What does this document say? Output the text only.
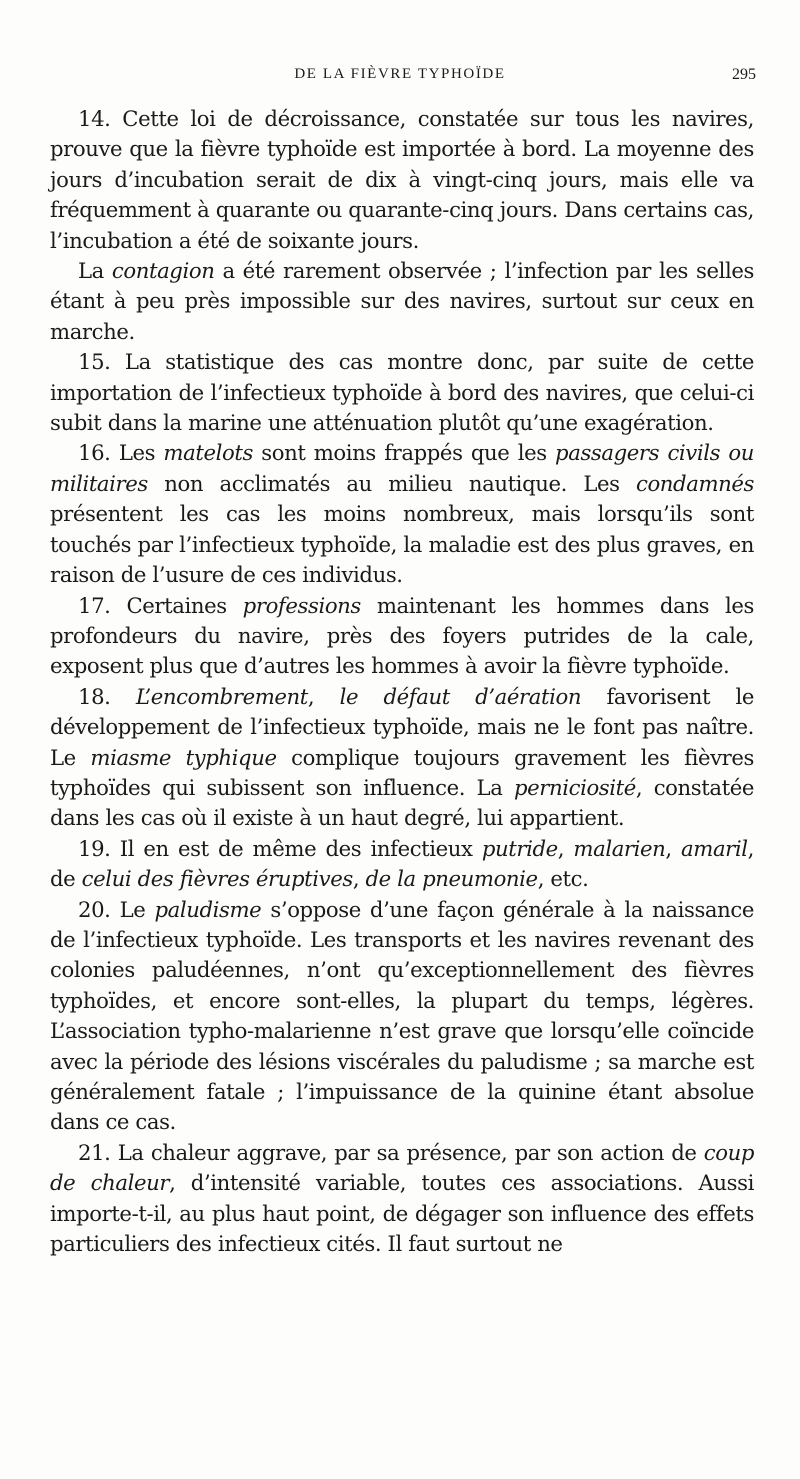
DE LA FIÈVRE TYPHOÏDE	295

14. Cette loi de décroissance, constatée sur tous les navires, prouve que la fièvre typhoïde est importée à bord. La moyenne des jours d’incubation serait de dix à vingt-cinq jours, mais elle va fréquemment à quarante ou quarante-cinq jours. Dans certains cas, l’incubation a été de soixante jours.

La contagion a été rarement observée ; l’infection par les selles étant à peu près impossible sur des navires, surtout sur ceux en marche.

15. La statistique des cas montre donc, par suite de cette importation de l’infectieux typhoïde à bord des navires, que celui-ci subit dans la marine une atténuation plutôt qu’une exagération.

16. Les matelots sont moins frappés que les passagers civils ou militaires non acclimatés au milieu nautique. Les condamnés présentent les cas les moins nombreux, mais lorsqu’ils sont touchés par l’infectieux typhoïde, la maladie est des plus graves, en raison de l’usure de ces individus.

17. Certaines professions maintenant les hommes dans les profondeurs du navire, près des foyers putrides de la cale, exposent plus que d’autres les hommes à avoir la fièvre typhoïde.

18. L’encombrement, le défaut d’aération favorisent le développement de l’infectieux typhoïde, mais ne le font pas naître. Le miasme typhique complique toujours gravement les fièvres typhoïdes qui subissent son influence. La perniciosité, constatée dans les cas où il existe à un haut degré, lui appartient.

19. Il en est de même des infectieux putride, malarien, amaril, de celui des fièvres éruptives, de la pneumonie, etc.

20. Le paludisme s’oppose d’une façon générale à la naissance de l’infectieux typhoïde. Les transports et les navires revenant des colonies paludéennes, n’ont qu’exceptionnellement des fièvres typhoïdes, et encore sont-elles, la plupart du temps, légères. L’association typho-malarienne n’est grave que lorsqu’elle coïncide avec la période des lésions viscérales du paludisme ; sa marche est généralement fatale ; l’impuissance de la quinine étant absolue dans ce cas.

21. La chaleur aggrave, par sa présence, par son action de coup de chaleur, d’intensité variable, toutes ces associations. Aussi importe-t-il, au plus haut point, de dégager son influence des effets particuliers des infectieux cités. Il faut surtout ne
